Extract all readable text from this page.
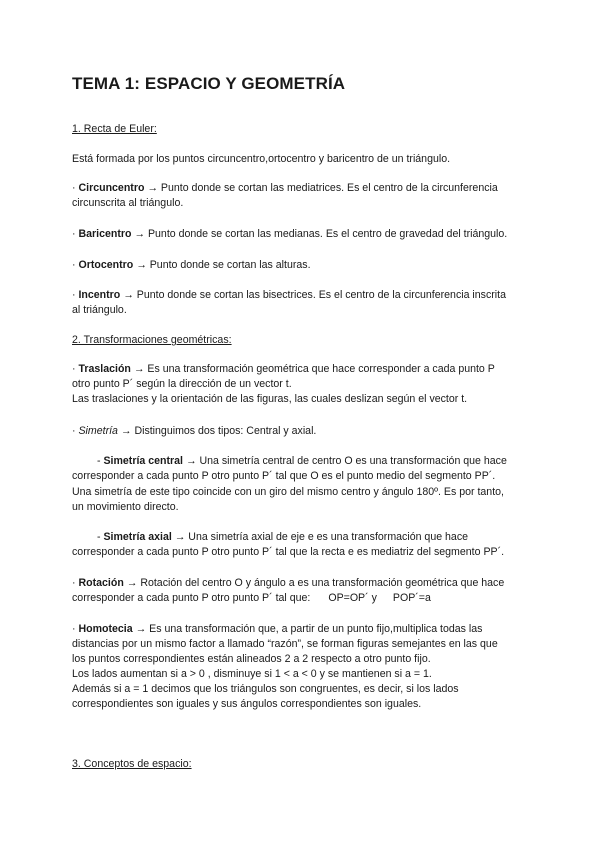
TEMA 1: ESPACIO Y GEOMETRÍA

1. Recta de Euler:

Está formada por los puntos circuncentro,ortocentro y baricentro de un triángulo.

· Circuncentro → Punto donde se cortan las mediatrices. Es el centro de la circunferencia

circunscrita al triángulo.

· Baricentro → Punto donde se cortan las medianas. Es el centro de gravedad del triángulo.

· Ortocentro → Punto donde se cortan las alturas.

· Incentro → Punto donde se cortan las bisectrices. Es el centro de la circunferencia inscrita

al triángulo.

2. Transformaciones geométricas:

· Traslación → Es una transformación geométrica que hace corresponder a cada punto P

otro punto P´ según la dirección de un vector t.

Las traslaciones y la orientación de las figuras, las cuales deslizan según el vector t.

· Simetría → Distinguimos dos tipos: Central y axial.

- Simetría central → Una simetría central de centro O es una transformación que hace

corresponder a cada punto P otro punto P´ tal que O es el punto medio del segmento PP´.

Una simetría de este tipo coincide con un giro del mismo centro y ángulo 180º. Es por tanto,

un movimiento directo.

- Simetría axial → Una simetría axial de eje e es una transformación que hace

corresponder a cada punto P otro punto P´ tal que la recta e es mediatriz del segmento PP´.

· Rotación → Rotación del centro O y ángulo a es una transformación geométrica que hace

corresponder a cada punto P otro punto P´ tal que: OP=OP´ y POP´=a

· Homotecia → Es una transformación que, a partir de un punto fijo,multiplica todas las

distancias por un mismo factor a llamado “razón”, se forman figuras semejantes en las que

los puntos correspondientes están alineados 2 a 2 respecto a otro punto fijo.

Los lados aumentan si a > 0 , disminuye si 1 < a < 0 y se mantienen si a = 1.

Además si a = 1 decimos que los triángulos son congruentes, es decir, si los lados

correspondientes son iguales y sus ángulos correspondientes son iguales.

3. Conceptos de espacio:
